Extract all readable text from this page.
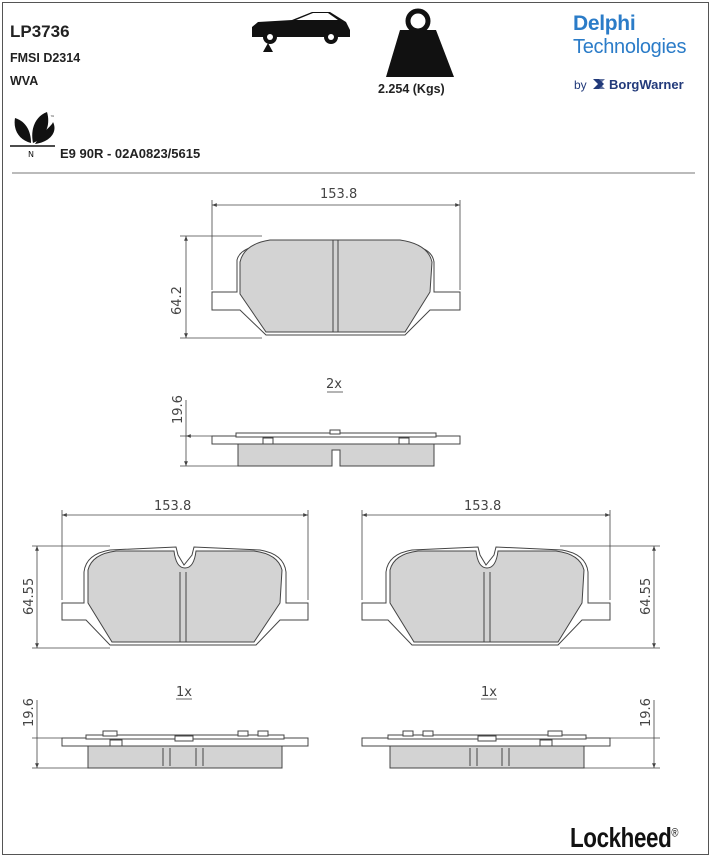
LP3736
FMSI D2314
WVA
E9 90R - 02A0823/5615
2.254 (Kgs)
Delphi
Technologies
by BorgWarner
Lockheed®
N
™
153.8
64.2
2x
19.6
153.8
64.55
1x
19.6
153.8
64.55
1x
19.6
